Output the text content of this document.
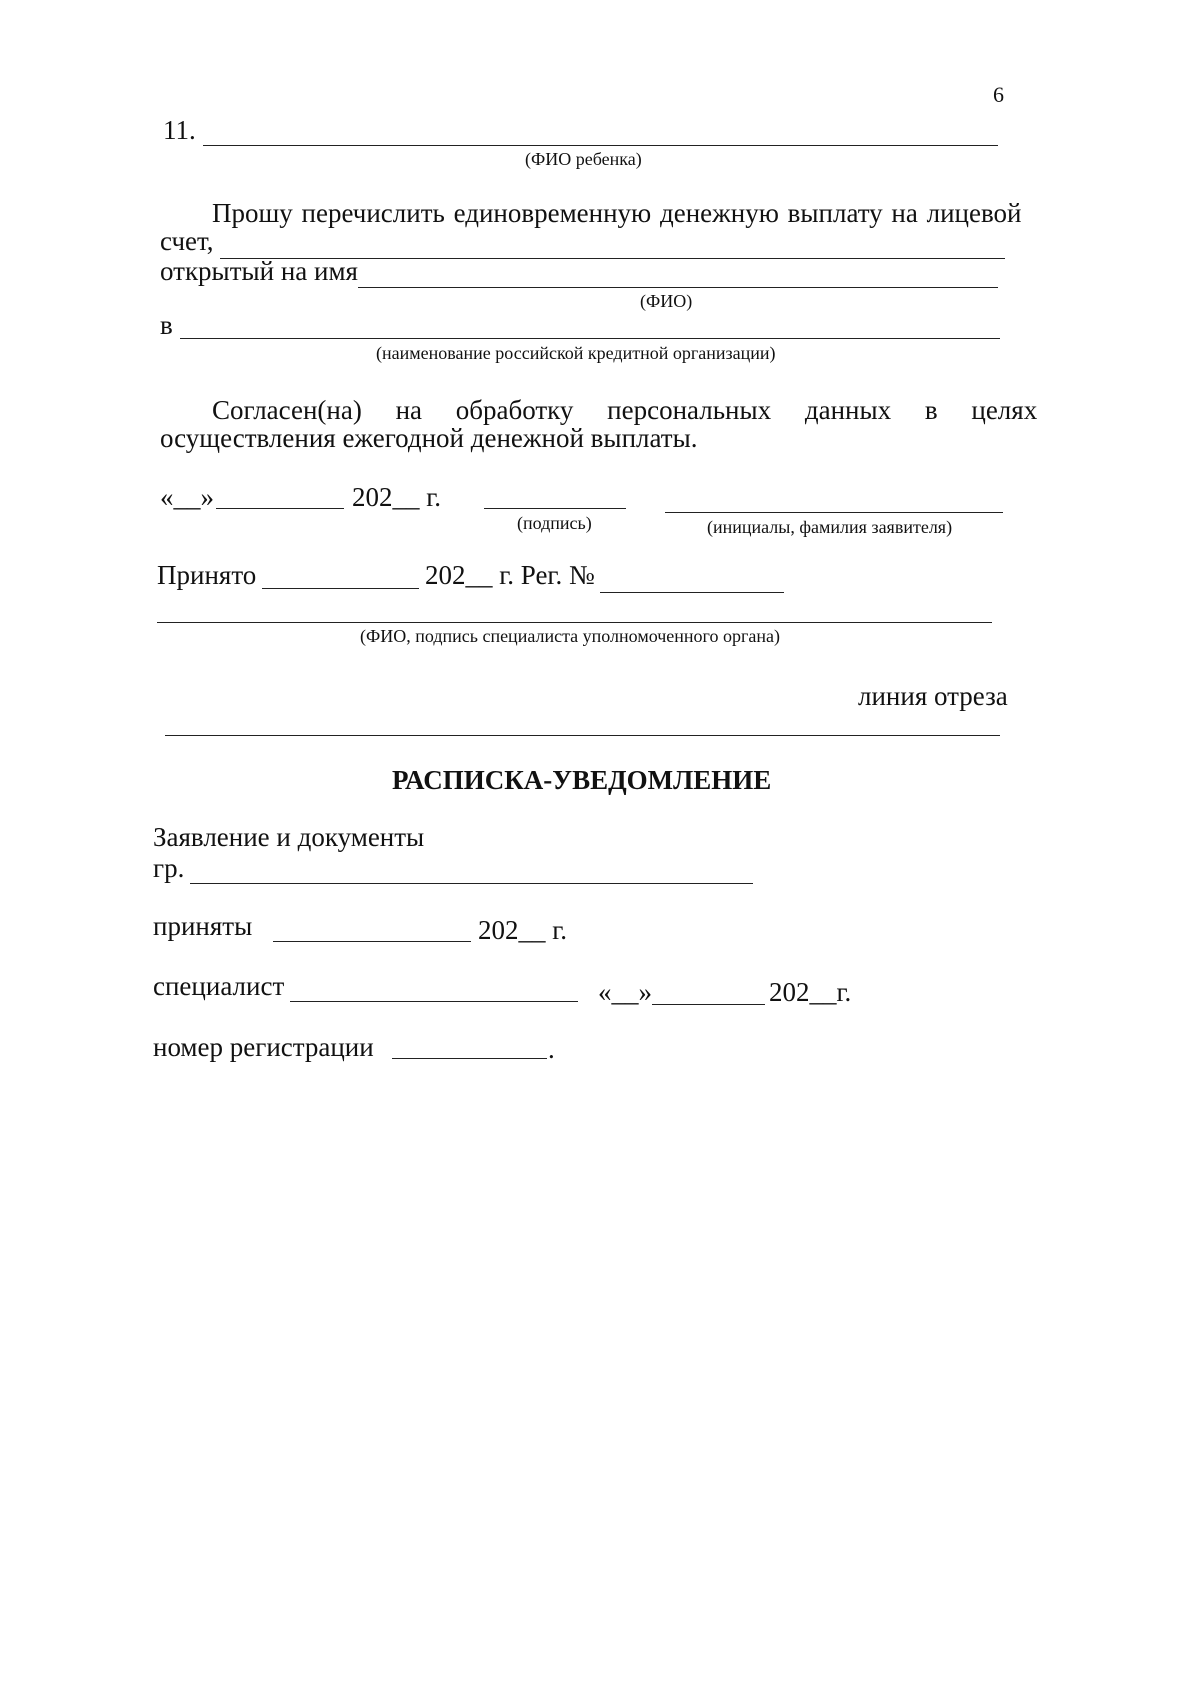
6
11.
(ФИО ребенка)
Прошу перечислить единовременную денежную выплату на лицевой
счет,
открытый на имя
(ФИО)
в
(наименование российской кредитной организации)
Согласен(на) на обработку персональных данных в целях
осуществления ежегодной денежной выплаты.
«__»	202__ г.
(подпись)	(инициалы, фамилия заявителя)
Принято	202__ г. Рег. №
(ФИО, подпись специалиста уполномоченного органа)
линия отреза
РАСПИСКА-УВЕДОМЛЕНИЕ
Заявление и документы
гр.
приняты	202__ г.
специалист	«__»	202__г.
номер регистрации	.
